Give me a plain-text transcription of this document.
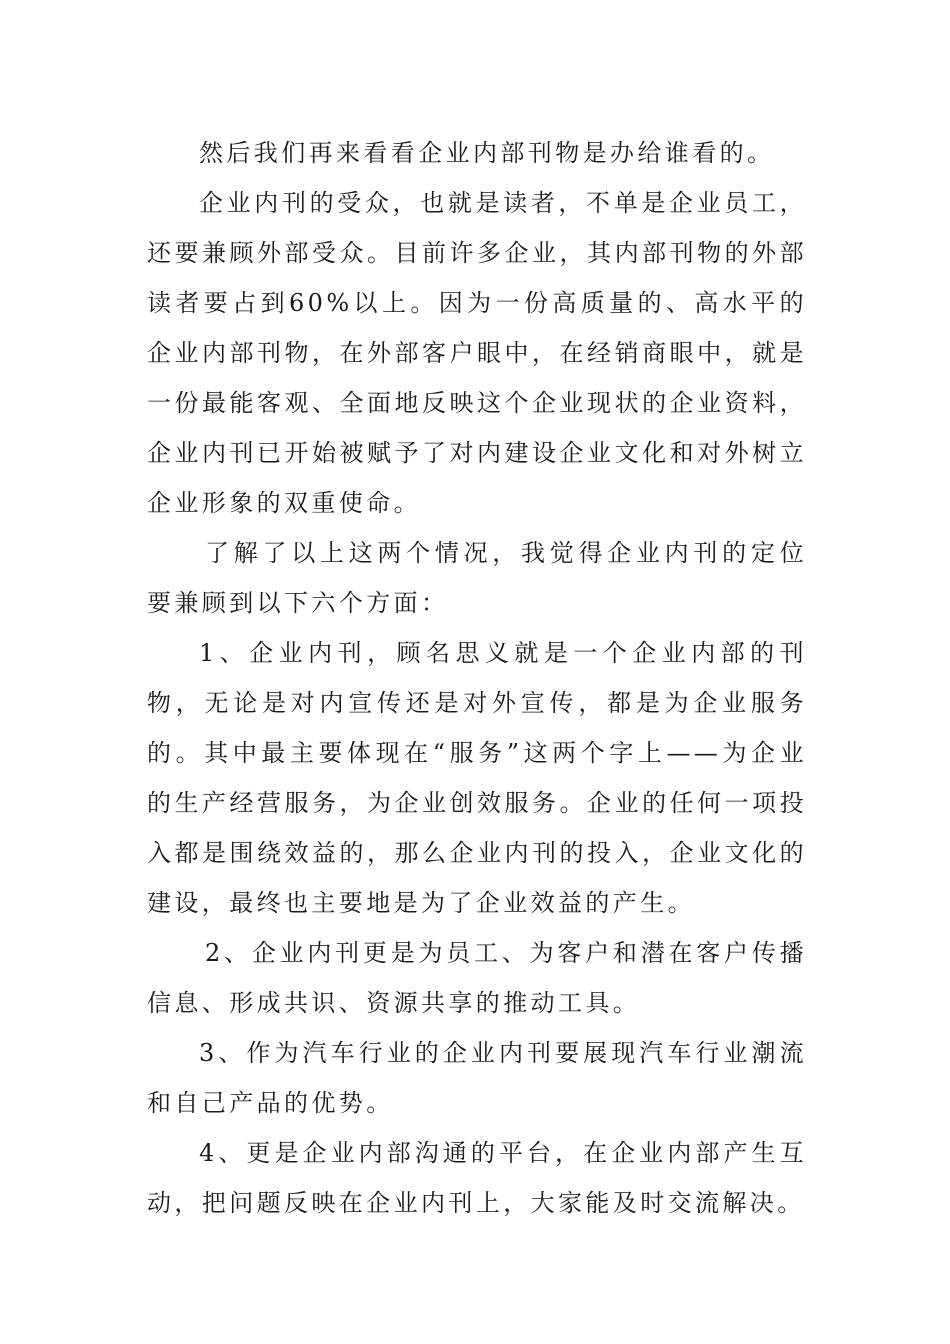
然后我们再来看看企业内部刊物是办给谁看的。

企业内刊的受众，也就是读者，不单是企业员工，还要兼顾外部受众。目前许多企业，其内部刊物的外部读者要占到60%以上。因为一份高质量的、高水平的企业内部刊物，在外部客户眼中，在经销商眼中，就是一份最能客观、全面地反映这个企业现状的企业资料，企业内刊已开始被赋予了对内建设企业文化和对外树立企业形象的双重使命。

了解了以上这两个情况，我觉得企业内刊的定位要兼顾到以下六个方面：

1、企业内刊，顾名思义就是一个企业内部的刊物，无论是对内宣传还是对外宣传，都是为企业服务的。其中最主要体现在“服务”这两个字上——为企业的生产经营服务，为企业创效服务。企业的任何一项投入都是围绕效益的，那么企业内刊的投入，企业文化的建设，最终也主要地是为了企业效益的产生。

2、企业内刊更是为员工、为客户和潜在客户传播信息、形成共识、资源共享的推动工具。

3、作为汽车行业的企业内刊要展现汽车行业潮流和自己产品的优势。

4、更是企业内部沟通的平台，在企业内部产生互动，把问题反映在企业内刊上，大家能及时交流解决。
